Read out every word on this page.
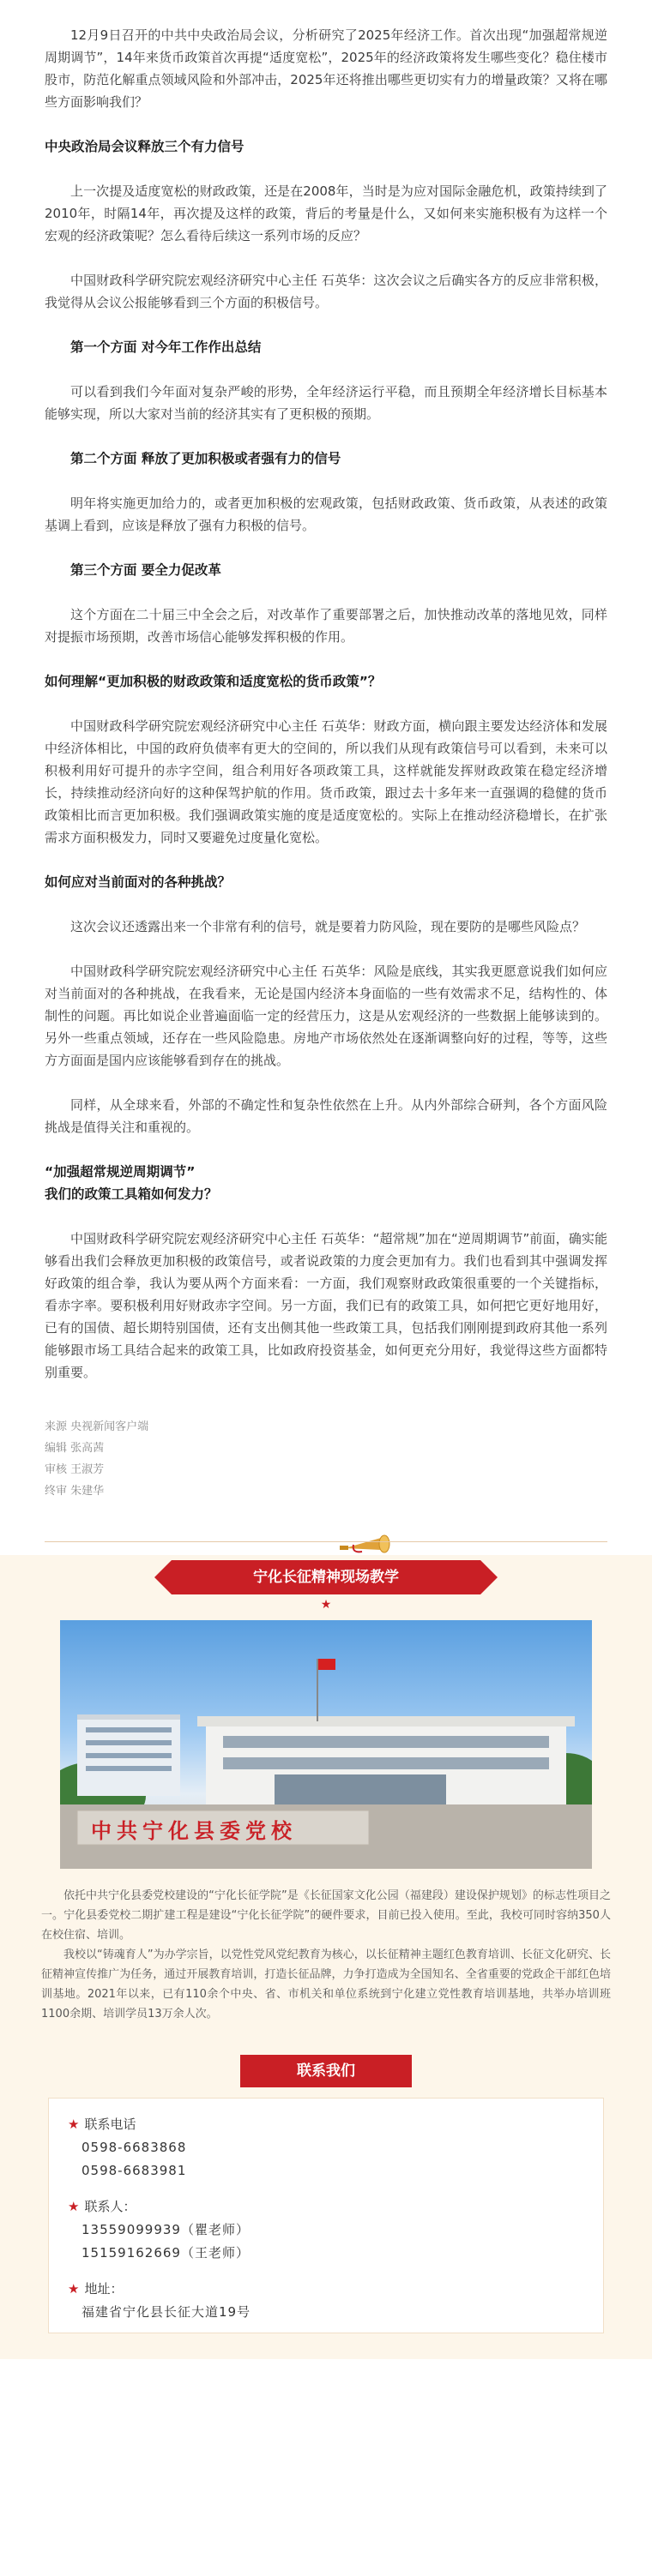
12月9日召开的中共中央政治局会议，分析研究了2025年经济工作。首次出现“加强超常规逆周期调节”，14年来货币政策首次再提“适度宽松”，2025年的经济政策将发生哪些变化？稳住楼市股市，防范化解重点领域风险和外部冲击，2025年还将推出哪些更切实有力的增量政策？又将在哪些方面影响我们？

中央政治局会议释放三个有力信号

上一次提及适度宽松的财政政策，还是在2008年，当时是为应对国际金融危机，政策持续到了2010年，时隔14年，再次提及这样的政策，背后的考量是什么，又如何来实施积极有为这样一个宏观的经济政策呢？怎么看待后续这一系列市场的反应？

中国财政科学研究院宏观经济研究中心主任 石英华：这次会议之后确实各方的反应非常积极，我觉得从会议公报能够看到三个方面的积极信号。

第一个方面 对今年工作作出总结

可以看到我们今年面对复杂严峻的形势，全年经济运行平稳，而且预期全年经济增长目标基本能够实现，所以大家对当前的经济其实有了更积极的预期。

第二个方面 释放了更加积极或者强有力的信号

明年将实施更加给力的，或者更加积极的宏观政策，包括财政政策、货币政策，从表述的政策基调上看到，应该是释放了强有力积极的信号。

第三个方面 要全力促改革

这个方面在二十届三中全会之后，对改革作了重要部署之后，加快推动改革的落地见效，同样对提振市场预期，改善市场信心能够发挥积极的作用。

如何理解“更加积极的财政政策和适度宽松的货币政策”？

中国财政科学研究院宏观经济研究中心主任 石英华：财政方面，横向跟主要发达经济体和发展中经济体相比，中国的政府负债率有更大的空间的，所以我们从现有政策信号可以看到，未来可以积极利用好可提升的赤字空间，组合利用好各项政策工具，这样就能发挥财政政策在稳定经济增长，持续推动经济向好的这种保驾护航的作用。货币政策，跟过去十多年来一直强调的稳健的货币政策相比而言更加积极。我们强调政策实施的度是适度宽松的。实际上在推动经济稳增长，在扩张需求方面积极发力，同时又要避免过度量化宽松。

如何应对当前面对的各种挑战？

这次会议还透露出来一个非常有利的信号，就是要着力防风险，现在要防的是哪些风险点？

中国财政科学研究院宏观经济研究中心主任 石英华：风险是底线，其实我更愿意说我们如何应对当前面对的各种挑战，在我看来，无论是国内经济本身面临的一些有效需求不足，结构性的、体制性的问题。再比如说企业普遍面临一定的经营压力，这是从宏观经济的一些数据上能够读到的。另外一些重点领域，还存在一些风险隐患。房地产市场依然处在逐渐调整向好的过程，等等，这些方方面面是国内应该能够看到存在的挑战。

同样，从全球来看，外部的不确定性和复杂性依然在上升。从内外部综合研判，各个方面风险挑战是值得关注和重视的。

“加强超常规逆周期调节”
我们的政策工具箱如何发力？

中国财政科学研究院宏观经济研究中心主任 石英华：“超常规”加在“逆周期调节”前面，确实能够看出我们会释放更加积极的政策信号，或者说政策的力度会更加有力。我们也看到其中强调发挥好政策的组合拳，我认为要从两个方面来看：一方面，我们观察财政政策很重要的一个关键指标，看赤字率。要积极利用好财政赤字空间。另一方面，我们已有的政策工具，如何把它更好地用好，已有的国债、超长期特别国债，还有支出侧其他一些政策工具，包括我们刚刚提到政府其他一系列能够跟市场工具结合起来的政策工具，比如政府投资基金，如何更充分用好，我觉得这些方面都特别重要。

来源 央视新闻客户端
编辑 张高茜
审核 王淑芳
终审 朱建华
宁化长征精神现场教学
★
中共宁化县委党校

依托中共宁化县委党校建设的“宁化长征学院”是《长征国家文化公园（福建段）建设保护规划》的标志性项目之一。宁化县委党校二期扩建工程是建设“宁化长征学院”的硬件要求，目前已投入使用。至此，我校可同时容纳350人在校住宿、培训。

我校以“铸魂育人”为办学宗旨，以党性党风党纪教育为核心，以长征精神主题红色教育培训、长征文化研究、长征精神宣传推广为任务，通过开展教育培训，打造长征品牌，力争打造成为全国知名、全省重要的党政企干部红色培训基地。2021年以来，已有110余个中央、省、市机关和单位系统到宁化建立党性教育培训基地，共举办培训班1100余期、培训学员13万余人次。

联系我们
★ 联系电话
0598-6683868
0598-6683981
★ 联系人：
13559099939（瞿老师）
15159162669（王老师）
★ 地址：
福建省宁化县长征大道19号
